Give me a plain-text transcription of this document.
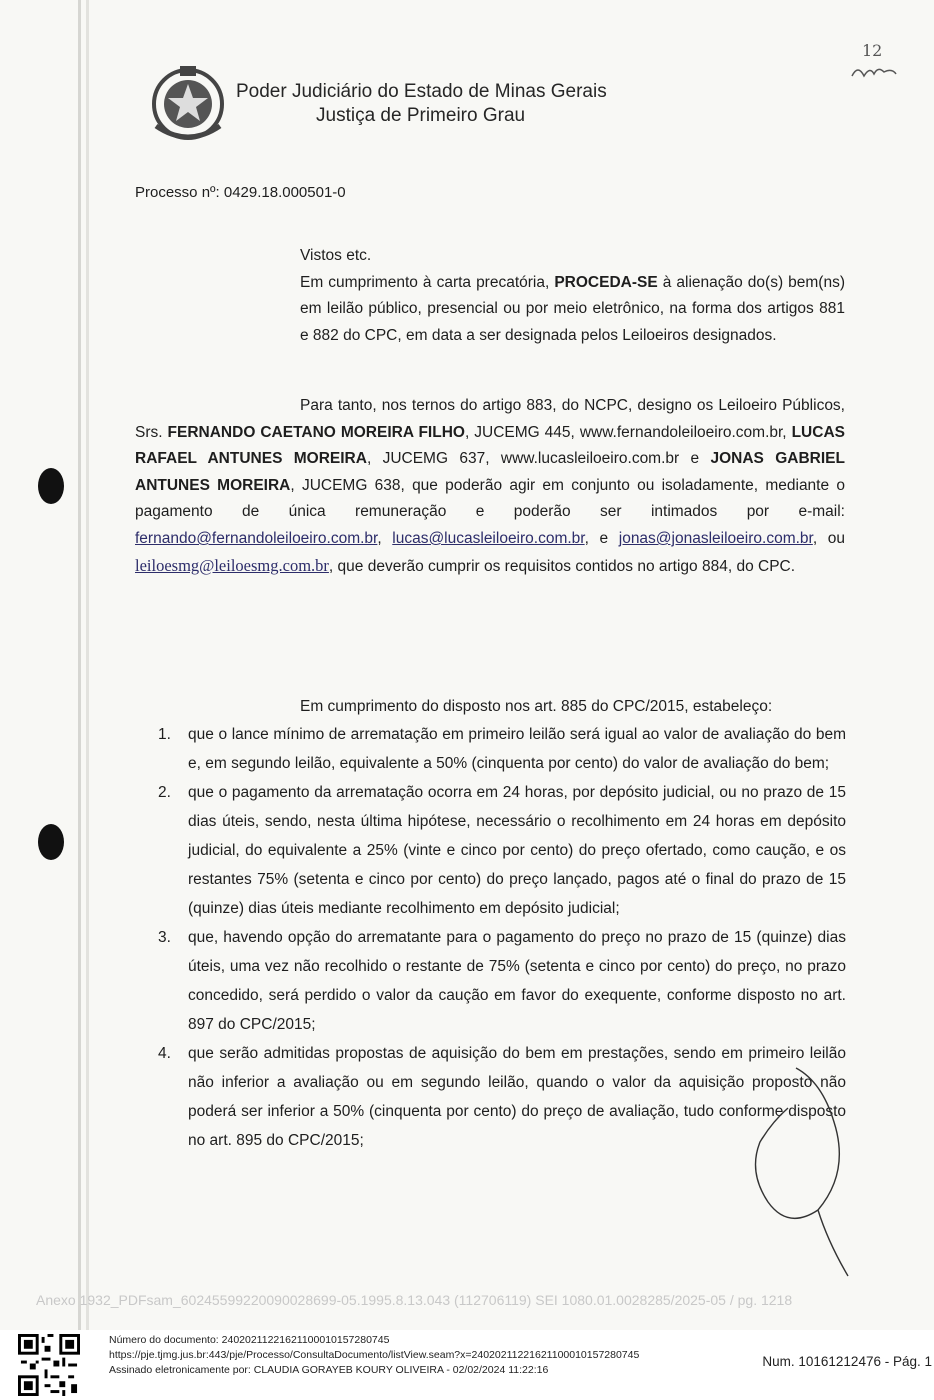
Poder Judiciário do Estado de Minas Gerais
Justiça de Primeiro Grau
12
Processo nº: 0429.18.000501-0
Vistos etc.
Em cumprimento à carta precatória, PROCEDA-SE à alienação do(s) bem(ns) em leilão público, presencial ou por meio eletrônico, na forma dos artigos 881 e 882 do CPC, em data a ser designada pelos Leiloeiros designados.
Para tanto, nos ternos do artigo 883, do NCPC, designo os Leiloeiro Públicos, Srs. FERNANDO CAETANO MOREIRA FILHO, JUCEMG 445, www.fernandoleiloeiro.com.br, LUCAS RAFAEL ANTUNES MOREIRA, JUCEMG 637, www.lucasleiloeiro.com.br e JONAS GABRIEL ANTUNES MOREIRA, JUCEMG 638, que poderão agir em conjunto ou isoladamente, mediante o pagamento de única remuneração e poderão ser intimados por e-mail: fernando@fernandoleiloeiro.com.br, lucas@lucasleiloeiro.com.br, e jonas@jonasleiloeiro.com.br, ou leiloesmg@leiloesmg.com.br, que deverão cumprir os requisitos contidos no artigo 884, do CPC.
Em cumprimento do disposto nos art. 885 do CPC/2015, estabeleço:
1.	que o lance mínimo de arrematação em primeiro leilão será igual ao valor de avaliação do bem e, em segundo leilão, equivalente a 50% (cinquenta por cento) do valor de avaliação do bem;
2.	que o pagamento da arrematação ocorra em 24 horas, por depósito judicial, ou no prazo de 15 dias úteis, sendo, nesta última hipótese, necessário o recolhimento em 24 horas em depósito judicial, do equivalente a 25% (vinte e cinco por cento) do preço ofertado, como caução, e os restantes 75% (setenta e cinco por cento) do preço lançado, pagos até o final do prazo de 15 (quinze) dias úteis mediante recolhimento em depósito judicial;
3.	que, havendo opção do arrematante para o pagamento do preço no prazo de 15 (quinze) dias úteis, uma vez não recolhido o restante de 75% (setenta e cinco por cento) do preço, no prazo concedido, será perdido o valor da caução em favor do exequente, conforme disposto no art. 897 do CPC/2015;
4.	que serão admitidas propostas de aquisição do bem em prestações, sendo em primeiro leilão não inferior a avaliação ou em segundo leilão, quando o valor da aquisição proposto não poderá ser inferior a 50% (cinquenta por cento) do preço de avaliação, tudo conforme disposto no art. 895 do CPC/2015;
Anexo 1932_PDFsam_6024559922009002869​9-05.1995.8.13.043 (112706119) SEI 1080.01.0028285/2025-05 / pg. 1218
Número do documento: 24020211221621100010157280745
https://pje.tjmg.jus.br:443/pje/Processo/ConsultaDocumento/listView.seam?x=24020211221621100010157280745
Assinado eletronicamente por: CLAUDIA GORAYEB KOURY OLIVEIRA - 02/02/2024 11:22:16
Num. 10161212476 - Pág. 1
